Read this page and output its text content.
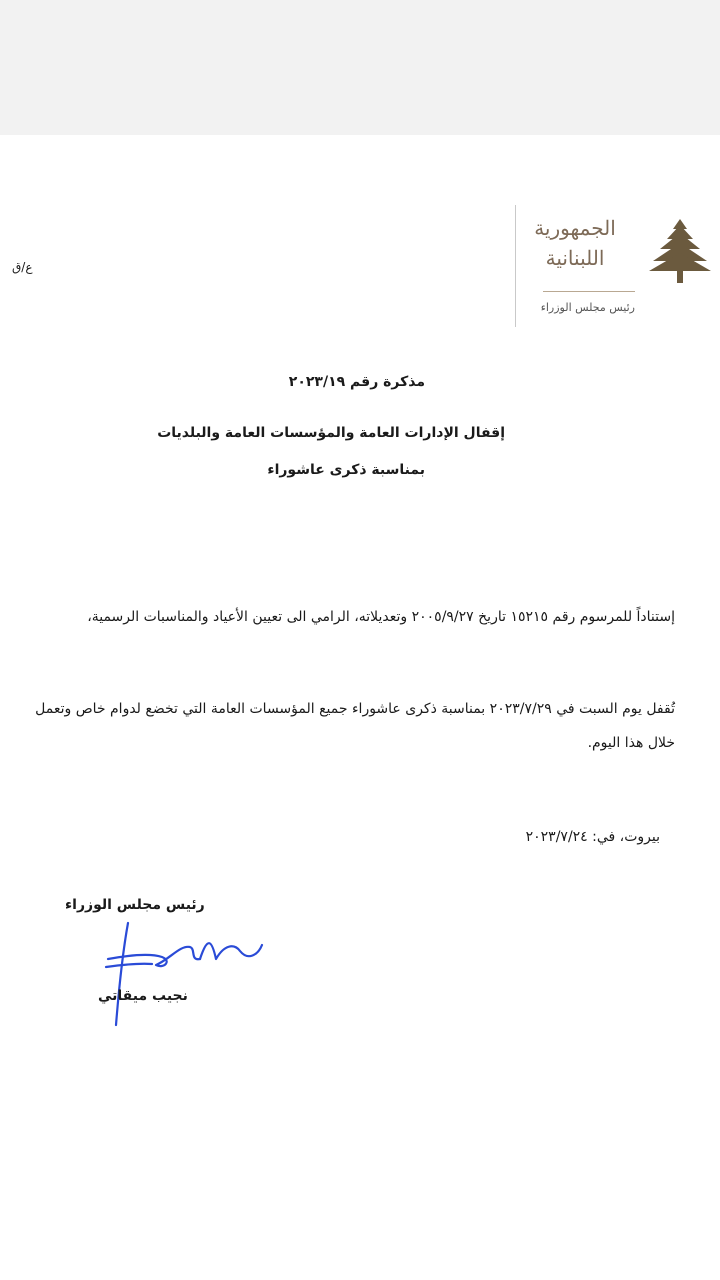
ع/ق
الجمهورية اللبنانية
رئيس مجلس الوزراء
مذكرة رقم ٢٠٢٣/١٩
إقفال الإدارات العامة والمؤسسات العامة والبلديات
بمناسبة ذكرى عاشوراء
إستناداً للمرسوم رقم ١٥٢١٥ تاريخ ٢٠٠٥/٩/٢٧ وتعديلاته، الرامي الى تعيين الأعياد والمناسبات الرسمية،
تُقفل يوم السبت في ٢٠٢٣/٧/٢٩ بمناسبة ذكرى عاشوراء جميع المؤسسات العامة التي تخضع لدوام خاص وتعمل خلال هذا اليوم.
بيروت، في: ٢٠٢٣/٧/٢٤
رئيس مجلس الوزراء
نجيب ميقاتي
